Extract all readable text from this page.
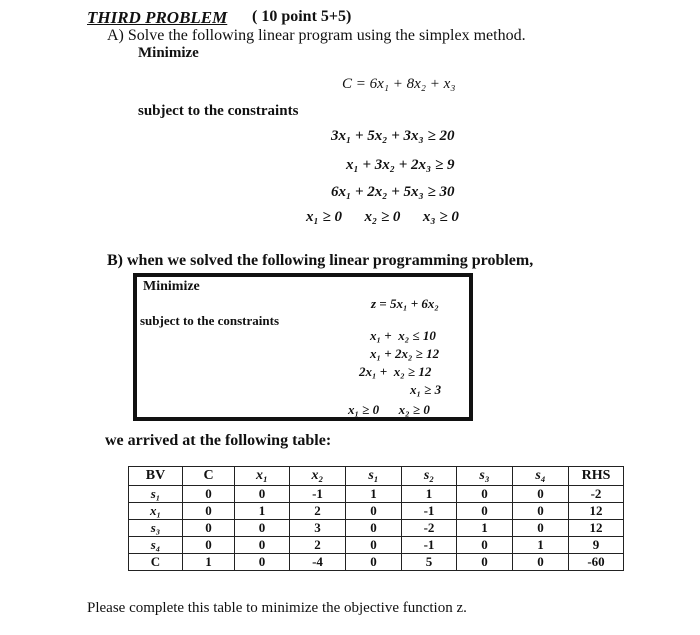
THIRD PROBLEM ( 10 point 5+5)
A) Solve the following linear program using the simplex method.
Minimize
C = 6x₁ + 8x₂ + x₃
subject to the constraints
3x₁ + 5x₂ + 3x₃ ≥ 20
x₁ + 3x₂ + 2x₃ ≥ 9
6x₁ + 2x₂ + 5x₃ ≥ 30
x₁ ≥ 0      x₂ ≥ 0      x₃ ≥ 0
B) when we solved the following linear programming problem,
Minimize
z = 5x₁ + 6x₂
subject to the constraints
x₁ +  x₂ ≤ 10
x₁ + 2x₂ ≥ 12
2x₁ +  x₂ ≥ 12
x₁ ≥ 3
x₁ ≥ 0      x₂ ≥ 0
we arrived at the following table:
BV	C	x₁	x₂	s₁	s₂	s₃	s₄	RHS
s₁	0	0	-1	1	1	0	0	-2
x₁	0	1	2	0	-1	0	0	12
s₃	0	0	3	0	-2	1	0	12
s₄	0	0	2	0	-1	0	1	9
C	1	0	-4	0	5	0	0	-60
Please complete this table to minimize the objective function z.
